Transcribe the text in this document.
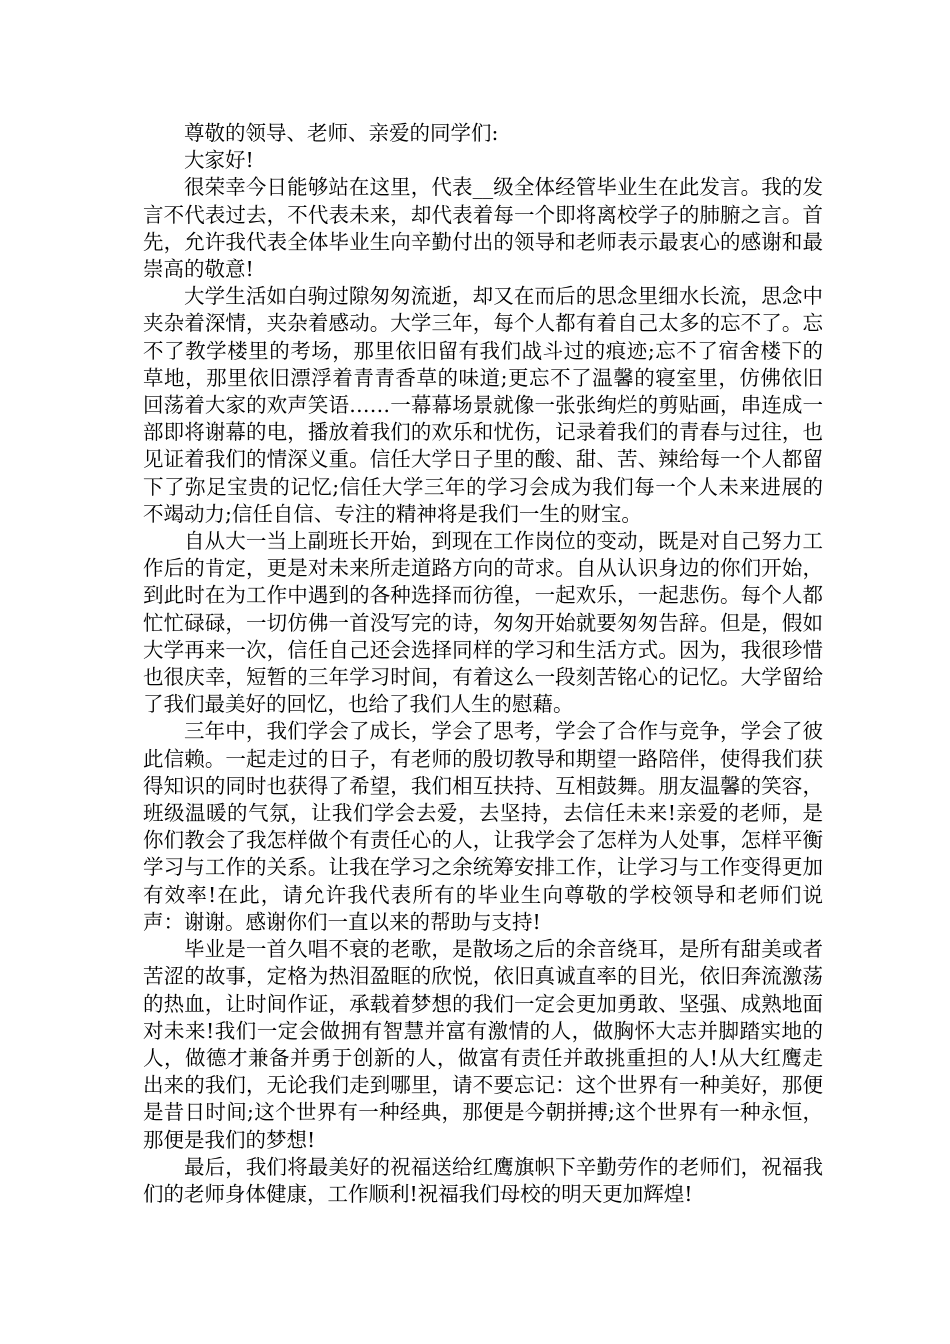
尊敬的领导、老师、亲爱的同学们:

大家好!

很荣幸今日能够站在这里，代表__级全体经管毕业生在此发言。我的发言不代表过去，不代表未来，却代表着每一个即将离校学子的肺腑之言。首先，允许我代表全体毕业生向辛勤付出的领导和老师表示最衷心的感谢和最崇高的敬意!

大学生活如白驹过隙匆匆流逝，却又在而后的思念里细水长流，思念中夹杂着深情，夹杂着感动。大学三年，每个人都有着自己太多的忘不了。忘不了教学楼里的考场，那里依旧留有我们战斗过的痕迹;忘不了宿舍楼下的草地，那里依旧漂浮着青青香草的味道;更忘不了温馨的寝室里，仿佛依旧回荡着大家的欢声笑语……一幕幕场景就像一张张绚烂的剪贴画，串连成一部即将谢幕的电，播放着我们的欢乐和忧伤，记录着我们的青春与过往，也见证着我们的情深义重。信任大学日子里的酸、甜、苦、辣给每一个人都留下了弥足宝贵的记忆;信任大学三年的学习会成为我们每一个人未来进展的不竭动力;信任自信、专注的精神将是我们一生的财宝。

自从大一当上副班长开始，到现在工作岗位的变动，既是对自己努力工作后的肯定，更是对未来所走道路方向的苛求。自从认识身边的你们开始，到此时在为工作中遇到的各种选择而彷徨，一起欢乐，一起悲伤。每个人都忙忙碌碌，一切仿佛一首没写完的诗，匆匆开始就要匆匆告辞。但是，假如大学再来一次，信任自己还会选择同样的学习和生活方式。因为，我很珍惜也很庆幸，短暂的三年学习时间，有着这么一段刻苦铭心的记忆。大学留给了我们最美好的回忆，也给了我们人生的慰藉。

三年中，我们学会了成长，学会了思考，学会了合作与竞争，学会了彼此信赖。一起走过的日子，有老师的殷切教导和期望一路陪伴，使得我们获得知识的同时也获得了希望，我们相互扶持、互相鼓舞。朋友温馨的笑容，班级温暖的气氛，让我们学会去爱，去坚持，去信任未来!亲爱的老师，是你们教会了我怎样做个有责任心的人，让我学会了怎样为人处事，怎样平衡学习与工作的关系。让我在学习之余统筹安排工作，让学习与工作变得更加有效率!在此，请允许我代表所有的毕业生向尊敬的学校领导和老师们说声：谢谢。感谢你们一直以来的帮助与支持!

毕业是一首久唱不衰的老歌，是散场之后的余音绕耳，是所有甜美或者苦涩的故事，定格为热泪盈眶的欣悦，依旧真诚直率的目光，依旧奔流激荡的热血，让时间作证，承载着梦想的我们一定会更加勇敢、坚强、成熟地面对未来!我们一定会做拥有智慧并富有激情的人，做胸怀大志并脚踏实地的人，做德才兼备并勇于创新的人，做富有责任并敢挑重担的人!从大红鹰走出来的我们，无论我们走到哪里，请不要忘记：这个世界有一种美好，那便是昔日时间;这个世界有一种经典，那便是今朝拼搏;这个世界有一种永恒，那便是我们的梦想!

最后，我们将最美好的祝福送给红鹰旗帜下辛勤劳作的老师们，祝福我们的老师身体健康，工作顺利!祝福我们母校的明天更加辉煌!
